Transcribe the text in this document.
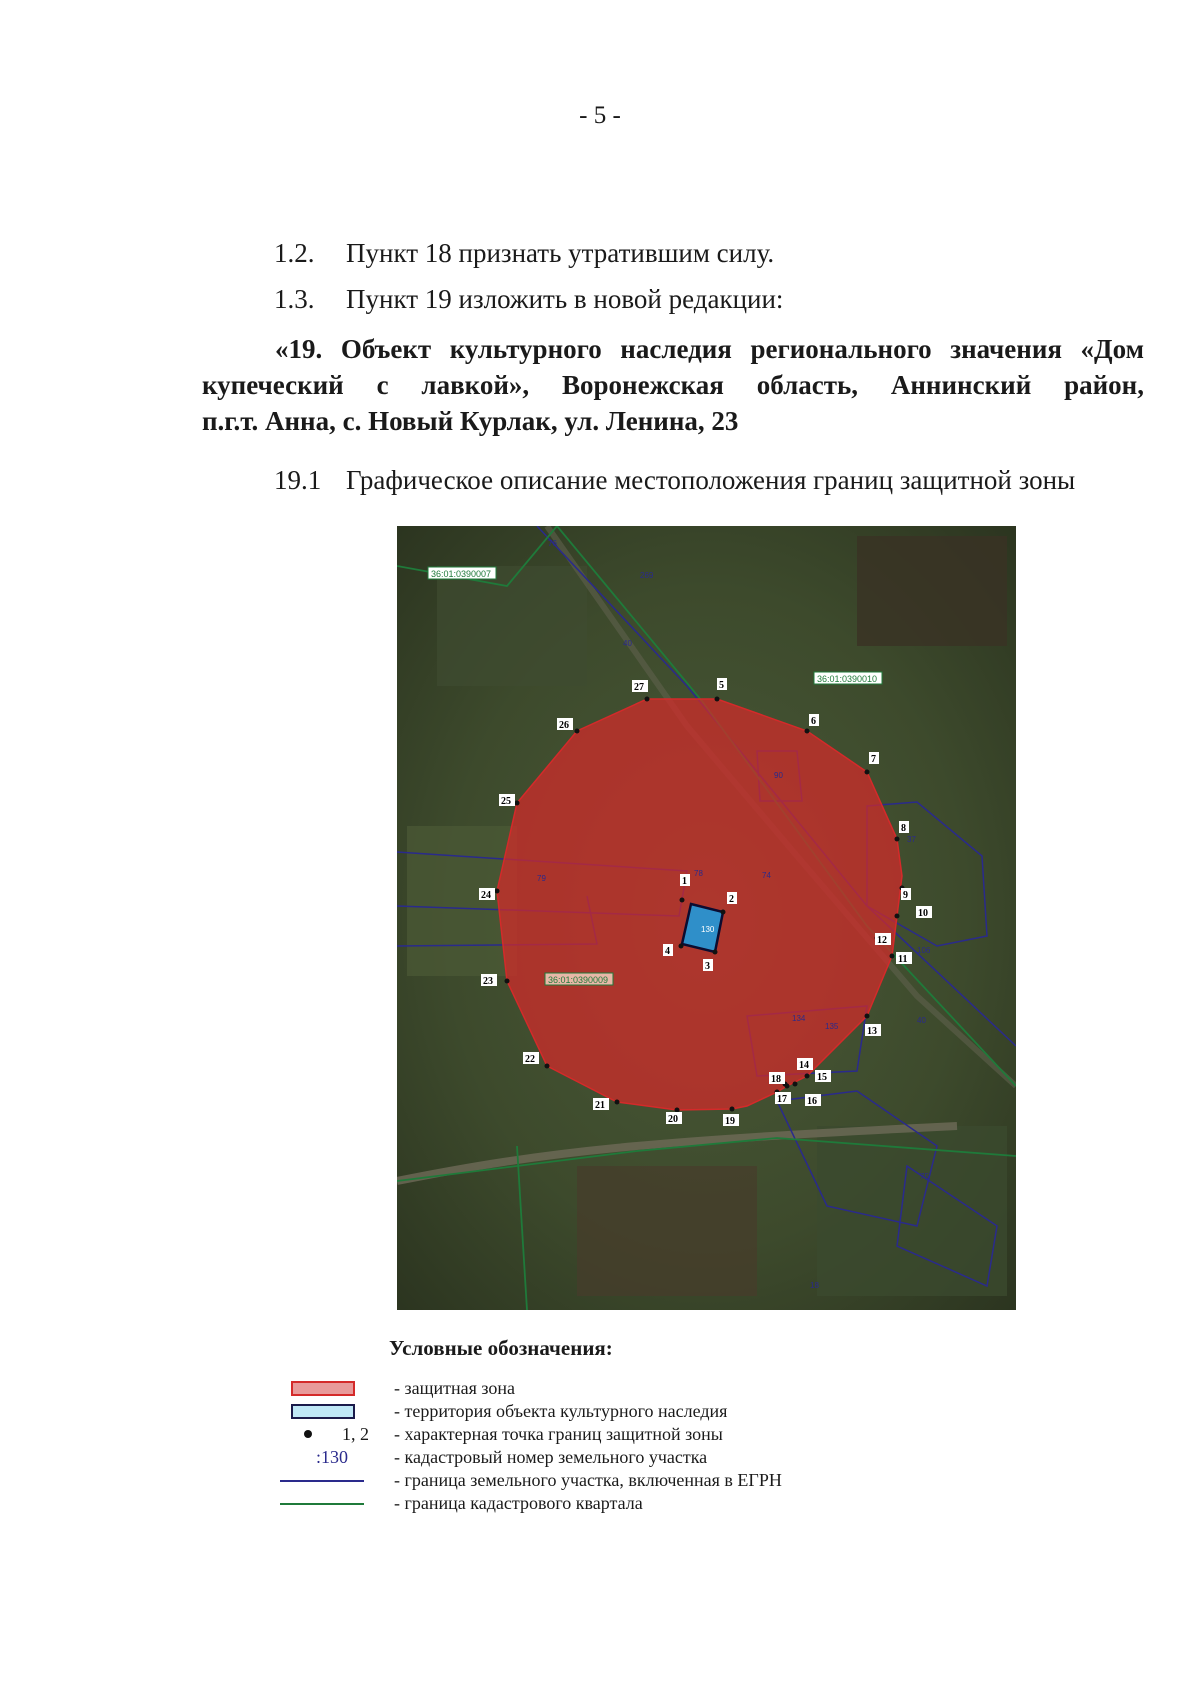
- 5 -
1.2. Пункт 18 признать утратившим силу.
1.3. Пункт 19 изложить в новой редакции:
«19. Объект культурного наследия регионального значения «Дом
купеческий с лавкой», Воронежская область, Аннинский район,
п.г.т. Анна, с. Новый Курлак, ул. Ленина, 23
19.1 Графическое описание местоположения границ защитной зоны
36:01:0390007
36:01:0390010
36:01:0390009
76
269
40
90
37
74
79
78
130
106
40
134
135
75
18
1
2
3
4
5
6
7
8
9
10
11
12
13
14
15
16
17
18
19
20
21
22
23
24
25
26
27
Условные обозначения:
- защитная зона
- территория объекта культурного наследия
1, 2 - характерная точка границ защитной зоны
:130	- кадастровый номер земельного участка
- граница земельного участка, включенная в ЕГРН
- граница кадастрового квартала
